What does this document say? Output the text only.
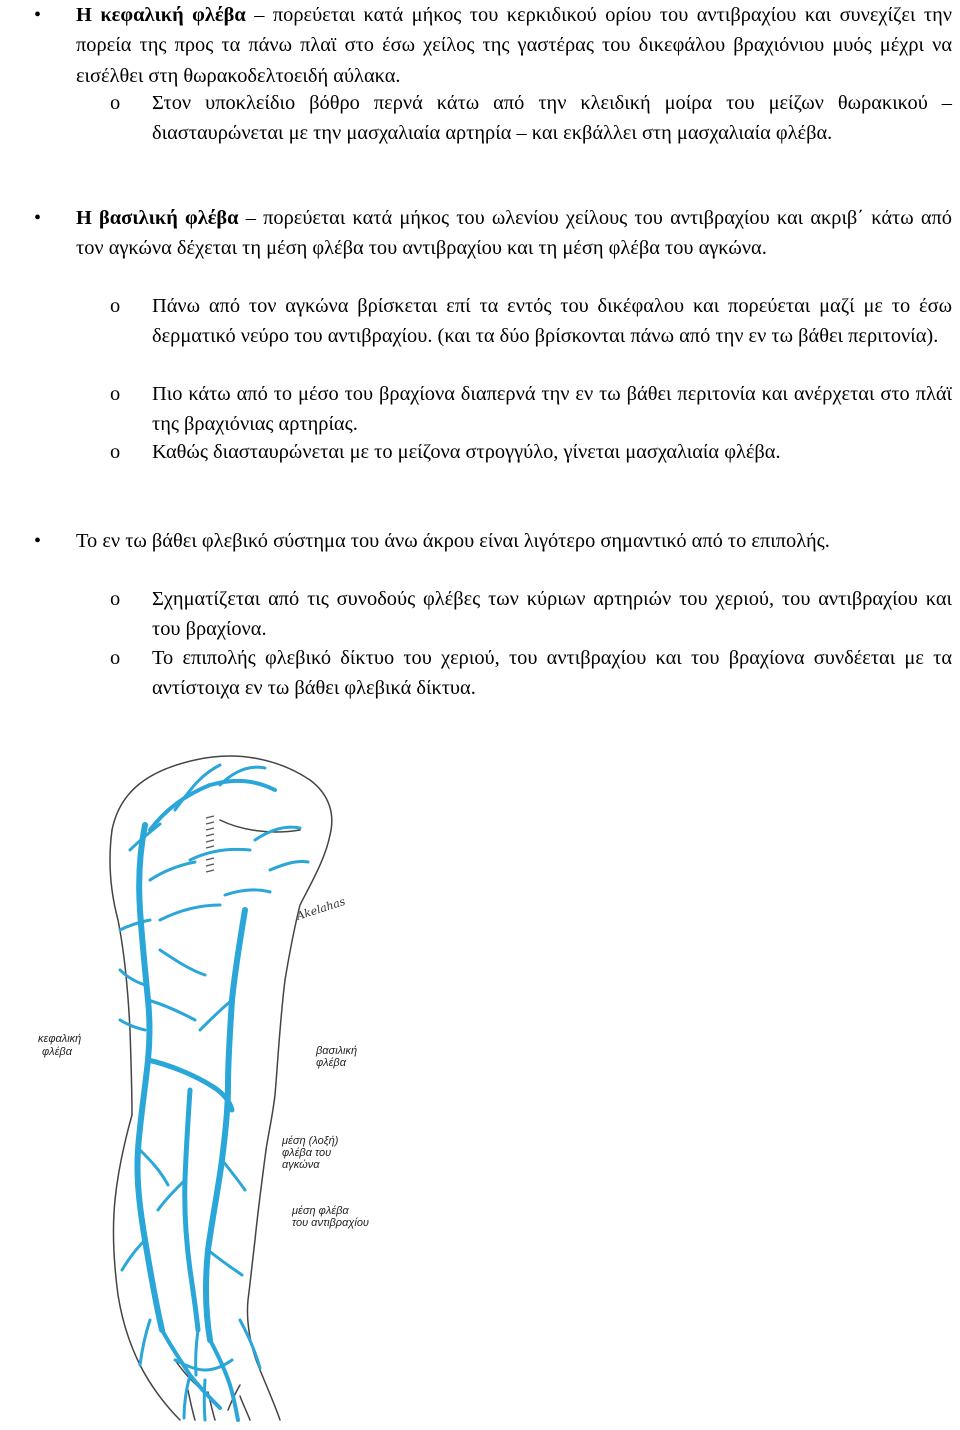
• Η κεφαλική φλέβα – πορεύεται κατά μήκος του κερκιδικού ορίου του αντιβραχίου και συνεχίζει την πορεία της προς τα πάνω πλαϊ στο έσω χείλος της γαστέρας του δικεφάλου βραχιόνιου μυός μέχρι να εισέλθει στη θωρακοδελτοειδή αύλακα.
o Στον υποκλείδιο βόθρο περνά κάτω από την κλειδική μοίρα του μείζων θωρακικού – διασταυρώνεται με την μασχαλιαία αρτηρία – και εκβάλλει στη μασχαλιαία φλέβα.
• Η βασιλική φλέβα – πορεύεται κατά μήκος του ωλενίου χείλους του αντιβραχίου και ακριβ΄ κάτω από τον αγκώνα δέχεται τη μέση φλέβα του αντιβραχίου και τη μέση φλέβα του αγκώνα.
o Πάνω από τον αγκώνα βρίσκεται επί τα εντός του δικέφαλου και πορεύεται μαζί με το έσω δερματικό νεύρο του αντιβραχίου. (και τα δύο βρίσκονται πάνω από την εν τω βάθει περιτονία).
o Πιο κάτω από το μέσο του βραχίονα διαπερνά την εν τω βάθει περιτονία και ανέρχεται στο πλάϊ της βραχιόνιας αρτηρίας.
o Καθώς διασταυρώνεται με το μείζονα στρογγύλο, γίνεται μασχαλιαία φλέβα.
• Το εν τω βάθει φλεβικό σύστημα του άνω άκρου είναι λιγότερο σημαντικό από το επιπολής.
o Σχηματίζεται από τις συνοδούς φλέβες των κύριων αρτηριών του χεριού, του αντιβραχίου και του βραχίονα.
o Το επιπολής φλεβικό δίκτυο του χεριού, του αντιβραχίου και του βραχίονα συνδέεται με τα αντίστοιχα εν τω βάθει φλεβικά δίκτυα.
Akelahas
κεφαλική
φλέβα	βασιλική
φλέβα
μέση (λοξή)
φλέβα του
αγκώνα
μέση φλέβα
του αντιβραχίου
